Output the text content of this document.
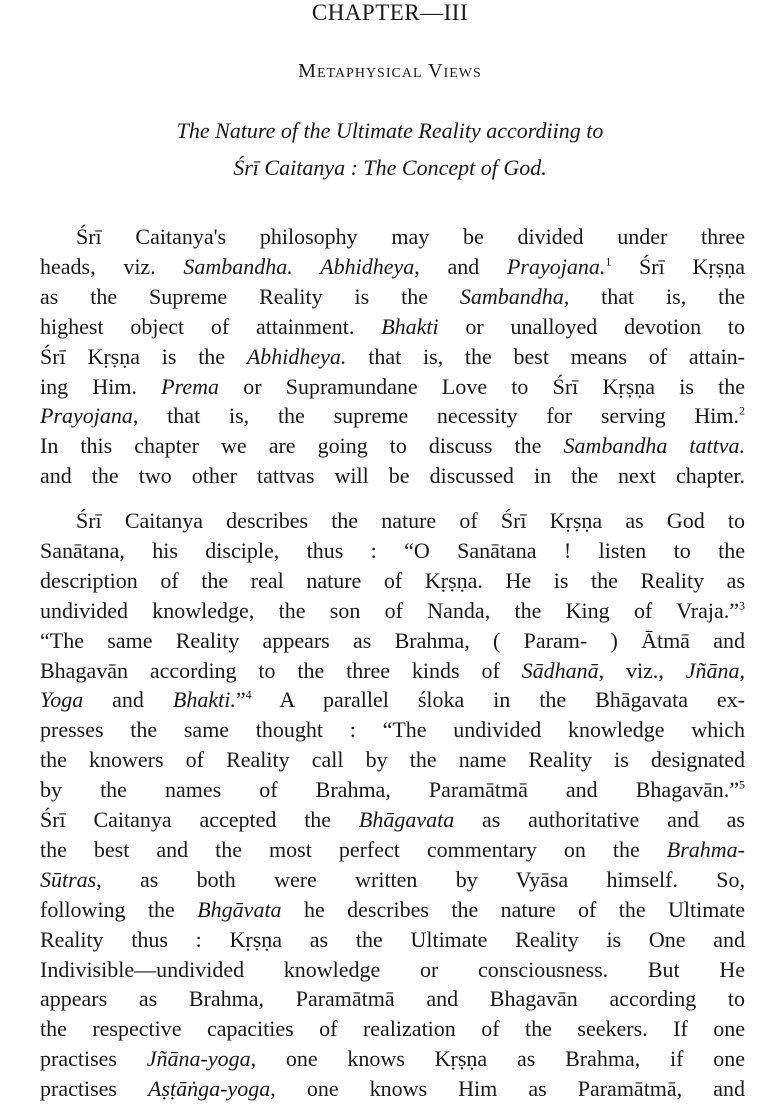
CHAPTER—III
Metaphysical Views
The Nature of the Ultimate Reality accordiing to
Śrī Caitanya : The Concept of God.
Śrī Caitanya's philosophy may be divided under three
heads, viz. Sambandha. Abhidheya, and Prayojana.$^1$ Śrī Kṛṣṇa
as the Supreme Reality is the Sambandha, that is, the
highest object of attainment. Bhakti or unalloyed devotion to
Śrī Kṛṣṇa is the Abhidheya. that is, the best means of attain-
ing Him. Prema or Supramundane Love to Śrī Kṛṣṇa is the
Prayojana, that is, the supreme necessity for serving Him.$^2$
In this chapter we are going to discuss the Sambandha tattva.
and the two other tattvas will be discussed in the next chapter.
Śrī Caitanya describes the nature of Śrī Kṛṣṇa as God to
Sanātana, his disciple, thus : “O Sanātana ! listen to the
description of the real nature of Kṛṣṇa. He is the Reality as
undivided knowledge, the son of Nanda, the King of Vraja.”$^3$
“The same Reality appears as Brahma, ( Param- ) Ātmā and
Bhagavān according to the three kinds of Sādhanā, viz., Jñāna,
Yoga and Bhakti.”$^4$ A parallel śloka in the Bhāgavata ex-
presses the same thought : “The undivided knowledge which
the knowers of Reality call by the name Reality is designated
by the names of Brahma, Paramātmā and Bhagavān.”$^5$
Śrī Caitanya accepted the Bhāgavata as authoritative and as
the best and the most perfect commentary on the Brahma-
Sūtras, as both were written by Vyāsa himself. So,
following the Bhgāvata he describes the nature of the Ultimate
Reality thus : Kṛṣṇa as the Ultimate Reality is One and
Indivisible—undivided knowledge or consciousness. But He
appears as Brahma, Paramātmā and Bhagavān according to
the respective capacities of realization of the seekers. If one
practises Jñāna-yoga, one knows Kṛṣṇa as Brahma, if one
practises Aṣṭāṅga-yoga, one knows Him as Paramātmā, and
